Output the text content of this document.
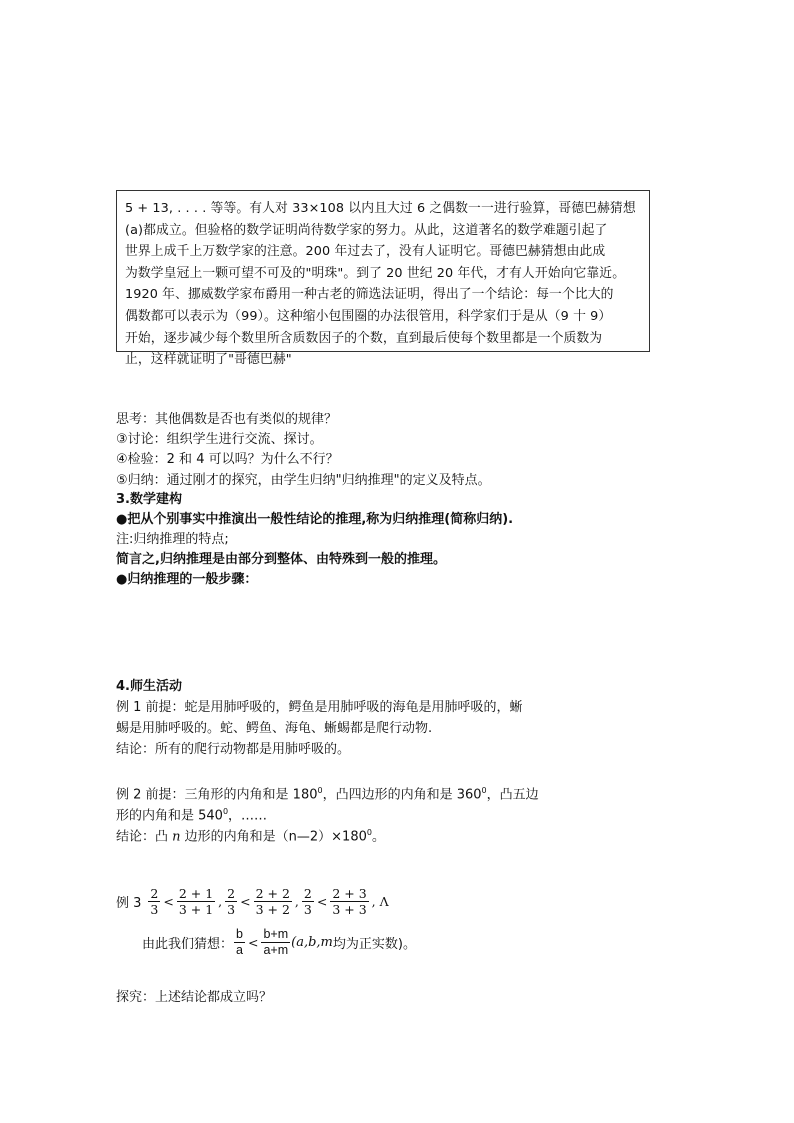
5 + 13, . . . . 等等。有人对 33×108 以内且大过 6 之偶数一一进行验算，哥德巴赫猜想

(a)都成立。但验格的数学证明尚待数学家的努力。从此，这道著名的数学难题引起了

世界上成千上万数学家的注意。200 年过去了，没有人证明它。哥德巴赫猜想由此成

为数学皇冠上一颗可望不可及的"明珠"。到了 20 世纪 20 年代，才有人开始向它靠近。

1920 年、挪威数学家布爵用一种古老的筛选法证明，得出了一个结论：每一个比大的

偶数都可以表示为（99）。这种缩小包围圈的办法很管用，科学家们于是从（9 十 9）

开始，逐步减少每个数里所含质数因子的个数，直到最后使每个数里都是一个质数为

止，这样就证明了"哥德巴赫"

思考：其他偶数是否也有类似的规律？
③讨论：组织学生进行交流、探讨。
④检验：2 和 4 可以吗？为什么不行？
⑤归纳：通过刚才的探究，由学生归纳"归纳推理"的定义及特点。
3.数学建构
●把从个别事实中推演出一般性结论的推理,称为归纳推理(简称归纳).
注:归纳推理的特点;
简言之,归纳推理是由部分到整体、由特殊到一般的推理。
●归纳推理的一般步骤：
4.师生活动
例 1 前提：蛇是用肺呼吸的，鳄鱼是用肺呼吸的海龟是用肺呼吸的，蜥
蜴是用肺呼吸的。蛇、鳄鱼、海龟、蜥蜴都是爬行动物.
结论：所有的爬行动物都是用肺呼吸的。
例 2 前提：三角形的内角和是 $180^0$，凸四边形的内角和是 $360^0$，凸五边
形的内角和是 $540^0$，……
结论：凸 n 边形的内角和是$(n—2)\times 180^0$。
例 $3 \frac{2}{3} < \frac{2 + 1}{3 + 1}$ , $\frac{2}{3} < \frac{2 + 2}{3 + 2}$ , $\frac{2}{3} < \frac{2 + 3}{3 + 3}$ , Λ
由此我们猜想： $\frac{b}{a} < \frac{b+m}{a+m} (a,b,m$ 均为正实数)。
探究：上述结论都成立吗？
